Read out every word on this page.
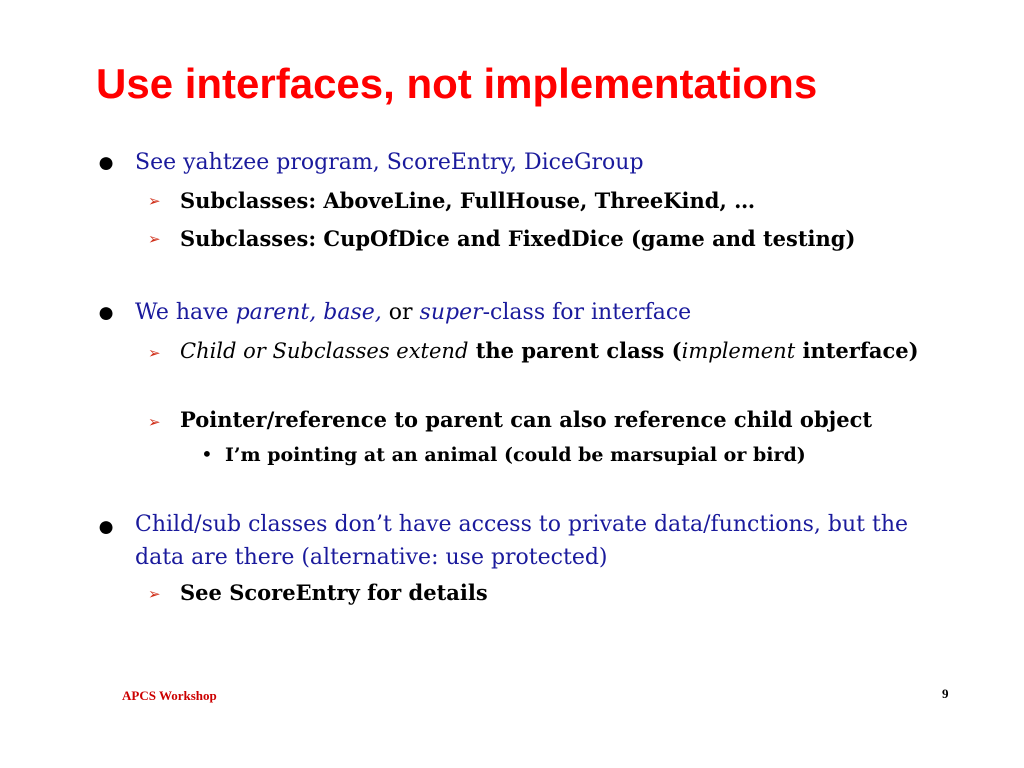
Use interfaces, not implementations
● See yahtzee program, ScoreEntry, DiceGroup

➢ Subclasses: AboveLine, FullHouse, ThreeKind, …

➢ Subclasses: CupOfDice and FixedDice (game and testing)

● We have parent, base, or super-class for interface

➢ Child or Subclasses extend the parent class (implement interface)

➢ Pointer/reference to parent can also reference child object

• I’m pointing at an animal (could be marsupial or bird)

● Child/sub classes don’t have access to private data/functions, but the data are there (alternative: use protected)

➢ See ScoreEntry for details

APCS Workshop	9
